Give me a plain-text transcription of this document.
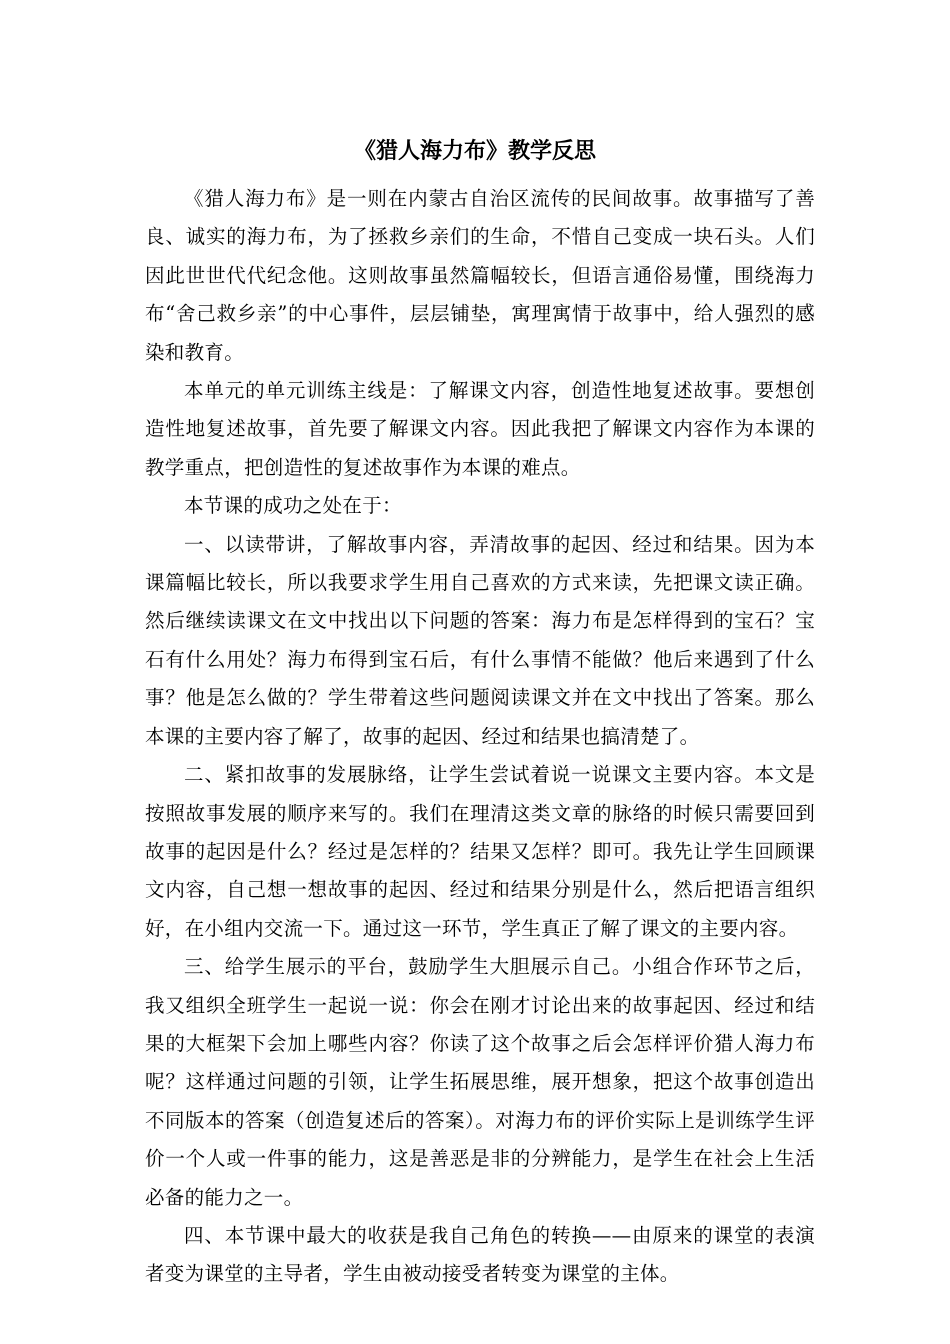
《猎人海力布》教学反思

《猎人海力布》是一则在内蒙古自治区流传的民间故事。故事描写了善良、诚实的海力布，为了拯救乡亲们的生命，不惜自己变成一块石头。人们因此世世代代纪念他。这则故事虽然篇幅较长，但语言通俗易懂，围绕海力布“舍己救乡亲”的中心事件，层层铺垫，寓理寓情于故事中，给人强烈的感染和教育。

本单元的单元训练主线是：了解课文内容，创造性地复述故事。要想创造性地复述故事，首先要了解课文内容。因此我把了解课文内容作为本课的教学重点，把创造性的复述故事作为本课的难点。

本节课的成功之处在于：

一、以读带讲，了解故事内容，弄清故事的起因、经过和结果。因为本课篇幅比较长，所以我要求学生用自己喜欢的方式来读，先把课文读正确。然后继续读课文在文中找出以下问题的答案：海力布是怎样得到的宝石？宝石有什么用处？海力布得到宝石后，有什么事情不能做？他后来遇到了什么事？他是怎么做的？学生带着这些问题阅读课文并在文中找出了答案。那么本课的主要内容了解了，故事的起因、经过和结果也搞清楚了。

二、紧扣故事的发展脉络，让学生尝试着说一说课文主要内容。本文是按照故事发展的顺序来写的。我们在理清这类文章的脉络的时候只需要回到故事的起因是什么？经过是怎样的？结果又怎样？即可。我先让学生回顾课文内容，自己想一想故事的起因、经过和结果分别是什么，然后把语言组织好，在小组内交流一下。通过这一环节，学生真正了解了课文的主要内容。

三、给学生展示的平台，鼓励学生大胆展示自己。小组合作环节之后，我又组织全班学生一起说一说：你会在刚才讨论出来的故事起因、经过和结果的大框架下会加上哪些内容？你读了这个故事之后会怎样评价猎人海力布呢？这样通过问题的引领，让学生拓展思维，展开想象，把这个故事创造出不同版本的答案（创造复述后的答案）。对海力布的评价实际上是训练学生评价一个人或一件事的能力，这是善恶是非的分辨能力，是学生在社会上生活必备的能力之一。

四、本节课中最大的收获是我自己角色的转换——由原来的课堂的表演者变为课堂的主导者，学生由被动接受者转变为课堂的主体。
